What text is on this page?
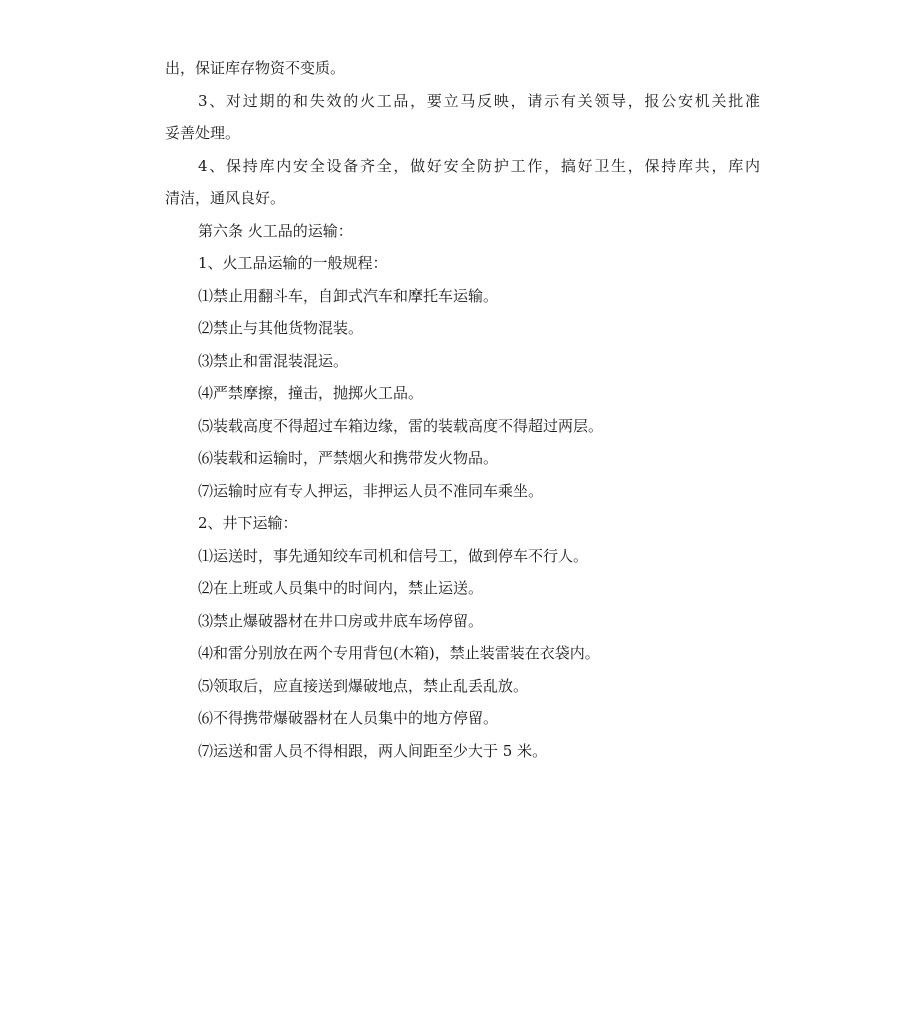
出，保证库存物资不变质。
3、对过期的和失效的火工品，要立马反映，请示有关领导，报公安机关批准
妥善处理。
4、保持库内安全设备齐全，做好安全防护工作，搞好卫生，保持库共，库内
清洁，通风良好。
第六条 火工品的运输：
1、火工品运输的一般规程：
⑴禁止用翻斗车，自卸式汽车和摩托车运输。
⑵禁止与其他货物混装。
⑶禁止和雷混装混运。
⑷严禁摩擦，撞击，抛掷火工品。
⑸装载高度不得超过车箱边缘，雷的装载高度不得超过两层。
⑹装载和运输时，严禁烟火和携带发火物品。
⑺运输时应有专人押运，非押运人员不准同车乘坐。
2、井下运输：
⑴运送时，事先通知绞车司机和信号工，做到停车不行人。
⑵在上班或人员集中的时间内，禁止运送。
⑶禁止爆破器材在井口房或井底车场停留。
⑷和雷分别放在两个专用背包(木箱)，禁止装雷装在衣袋内。
⑸领取后，应直接送到爆破地点，禁止乱丢乱放。
⑹不得携带爆破器材在人员集中的地方停留。
⑺运送和雷人员不得相跟，两人间距至少大于 5 米。
